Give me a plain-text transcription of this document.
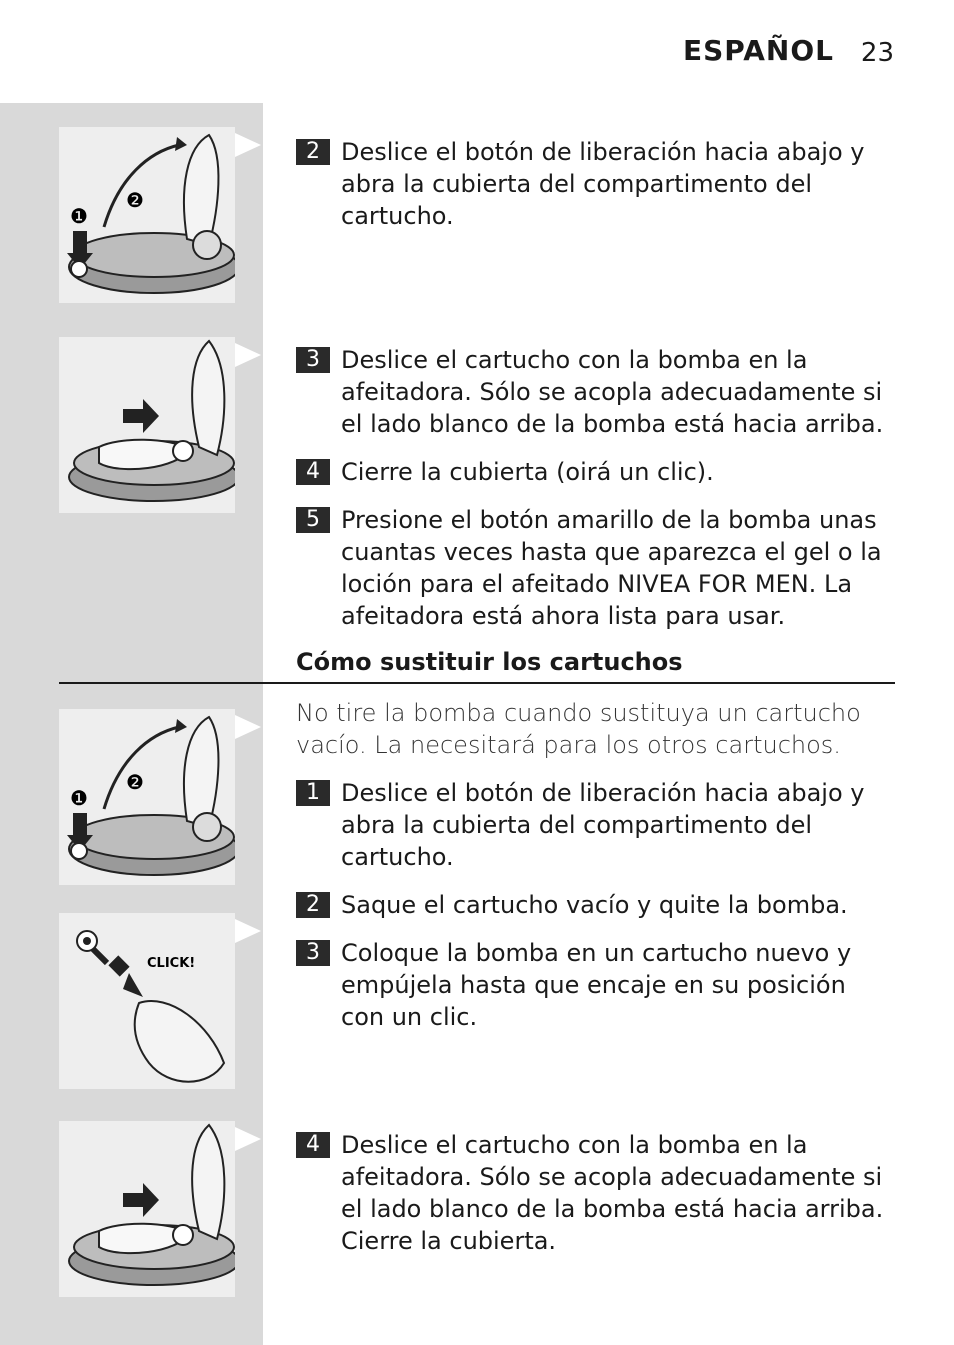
ESPAÑOL 23
❶
❷
2 Deslice el botón de liberación hacia abajo y abra la cubierta del compartimento del cartucho.
3 Deslice el cartucho con la bomba en la afeitadora. Sólo se acopla adecuadamente si el lado blanco de la bomba está hacia arriba.
4 Cierre la cubierta (oirá un clic).
5 Presione el botón amarillo de la bomba unas cuantas veces hasta que aparezca el gel o la loción para el afeitado NIVEA FOR MEN. La afeitadora está ahora lista para usar.
Cómo sustituir los cartuchos
No tire la bomba cuando sustituya un cartucho vacío. La necesitará para los otros cartuchos.
❶
❷
CLICK!
1 Deslice el botón de liberación hacia abajo y abra la cubierta del compartimento del cartucho.
2 Saque el cartucho vacío y quite la bomba.
3 Coloque la bomba en un cartucho nuevo y empújela hasta que encaje en su posición con un clic.
4 Deslice el cartucho con la bomba en la afeitadora. Sólo se acopla adecuadamente si el lado blanco de la bomba está hacia arriba. Cierre la cubierta.
